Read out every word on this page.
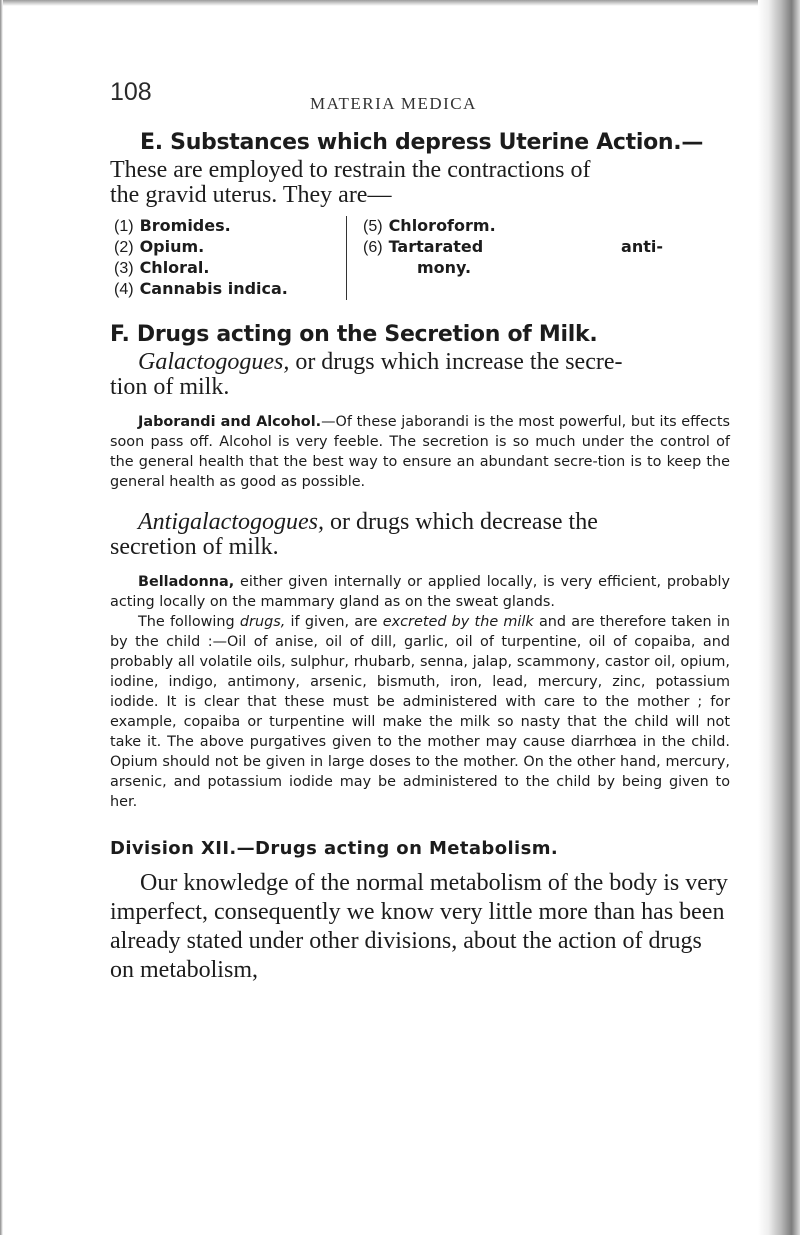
108	MATERIA MEDICA

E. Substances which depress Uterine Action.—

These are employed to restrain the contractions of

the gravid uterus. They are—

(1) Bromides.
(2) Opium.
(3) Chloral.
(4) Cannabis indica.
(5) Chloroform.
(6) Tartarated	anti-
mony.

F. Drugs acting on the Secretion of Milk.

Galactogogues, or drugs which increase the secre-

tion of milk.

Jaborandi and Alcohol.—Of these jaborandi is the most powerful, but its effects soon pass off. Alcohol is very feeble. The secretion is so much under the control of the general health that the best way to ensure an abundant secre-tion is to keep the general health as good as possible.

Antigalactogogues, or drugs which decrease the

secretion of milk.

Belladonna, either given internally or applied locally, is very efficient, probably acting locally on the mammary gland as on the sweat glands.

The following drugs, if given, are excreted by the milk and are therefore taken in by the child :—Oil of anise, oil of dill, garlic, oil of turpentine, oil of copaiba, and probably all volatile oils, sulphur, rhubarb, senna, jalap, scammony, castor oil, opium, iodine, indigo, antimony, arsenic, bismuth, iron, lead, mercury, zinc, potassium iodide. It is clear that these must be administered with care to the mother ; for example, copaiba or turpentine will make the milk so nasty that the child will not take it. The above purgatives given to the mother may cause diarrhœa in the child. Opium should not be given in large doses to the mother. On the other hand, mercury, arsenic, and potassium iodide may be administered to the child by being given to her.

Division XII.—Drugs acting on Metabolism.

Our knowledge of the normal metabolism of the body is very imperfect, consequently we know very little more than has been already stated under other divisions, about the action of drugs on metabolism,
